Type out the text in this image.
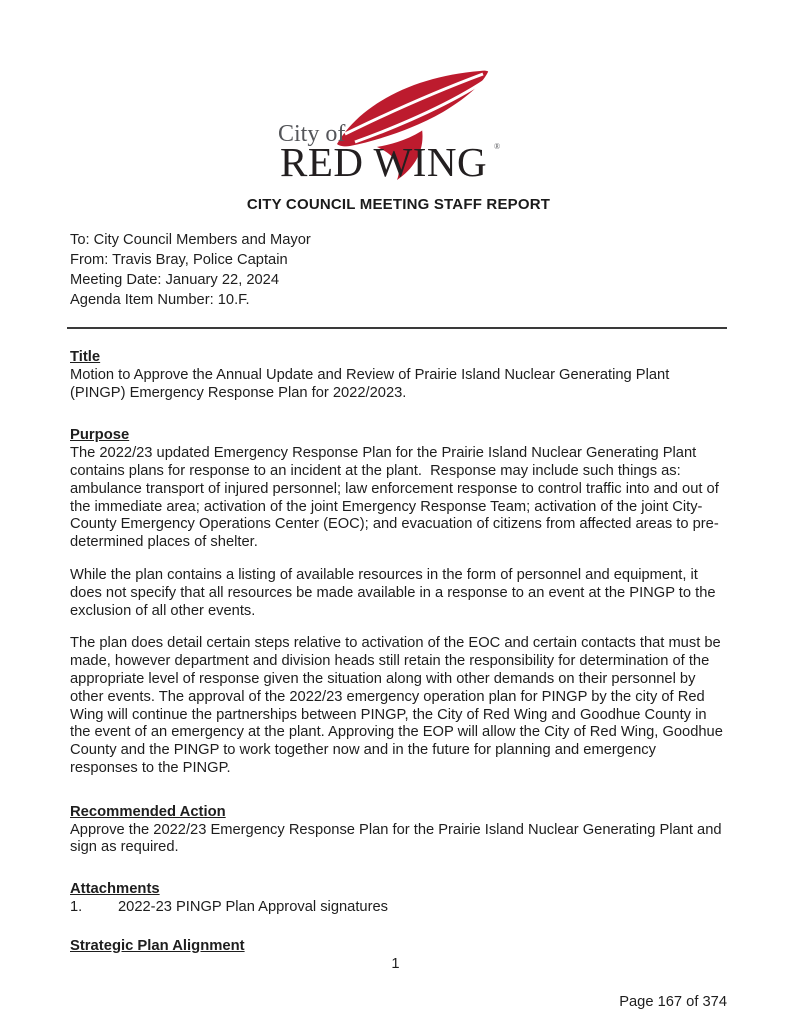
City of
RED WING ®
CITY COUNCIL MEETING STAFF REPORT
To: City Council Members and Mayor
From: Travis Bray, Police Captain
Meeting Date: January 22, 2024
Agenda Item Number: 10.F.
Title
Motion to Approve the Annual Update and Review of Prairie Island Nuclear Generating Plant (PINGP) Emergency Response Plan for 2022/2023.
Purpose
The 2022/23 updated Emergency Response Plan for the Prairie Island Nuclear Generating Plant contains plans for response to an incident at the plant.  Response may include such things as: ambulance transport of injured personnel; law enforcement response to control traffic into and out of the immediate area; activation of the joint Emergency Response Team; activation of the joint City-County Emergency Operations Center (EOC); and evacuation of citizens from affected areas to pre-determined places of shelter.
While the plan contains a listing of available resources in the form of personnel and equipment, it does not specify that all resources be made available in a response to an event at the PINGP to the exclusion of all other events.
The plan does detail certain steps relative to activation of the EOC and certain contacts that must be made, however department and division heads still retain the responsibility for determination of the appropriate level of response given the situation along with other demands on their personnel by other events. The approval of the 2022/23 emergency operation plan for PINGP by the city of Red Wing will continue the partnerships between PINGP, the City of Red Wing and Goodhue County in the event of an emergency at the plant. Approving the EOP will allow the City of Red Wing, Goodhue County and the PINGP to work together now and in the future for planning and emergency responses to the PINGP.
Recommended Action
Approve the 2022/23 Emergency Response Plan for the Prairie Island Nuclear Generating Plant and sign as required.
Attachments
1.	2022-23 PINGP Plan Approval signatures
Strategic Plan Alignment
1
Page 167 of 374
